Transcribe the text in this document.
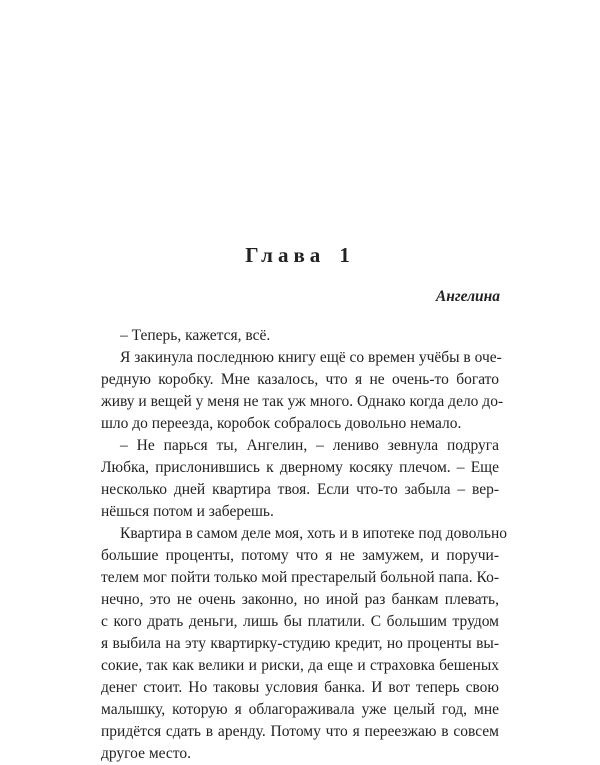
Глава 1

Ангелина

– Теперь, кажется, всё.
Я закинула последнюю книгу ещё со времен учёбы в оче-
редную коробку. Мне казалось, что я не очень-то богато
живу и вещей у меня не так уж много. Однако когда дело до-
шло до переезда, коробок собралось довольно немало.
– Не парься ты, Ангелин, – лениво зевнула подруга
Любка, прислонившись к дверному косяку плечом. – Еще
несколько дней квартира твоя. Если что-то забыла – вер-
нёшься потом и заберешь.
Квартира в самом деле моя, хоть и в ипотеке под довольно
большие проценты, потому что я не замужем, и поручи-
телем мог пойти только мой престарелый больной папа. Ко-
нечно, это не очень законно, но иной раз банкам плевать,
с кого драть деньги, лишь бы платили. С большим трудом
я выбила на эту квартирку-студию кредит, но проценты вы-
сокие, так как велики и риски, да еще и страховка бешеных
денег стоит. Но таковы условия банка. И вот теперь свою
малышку, которую я облагораживала уже целый год, мне
придётся сдать в аренду. Потому что я переезжаю в совсем
другое место.
